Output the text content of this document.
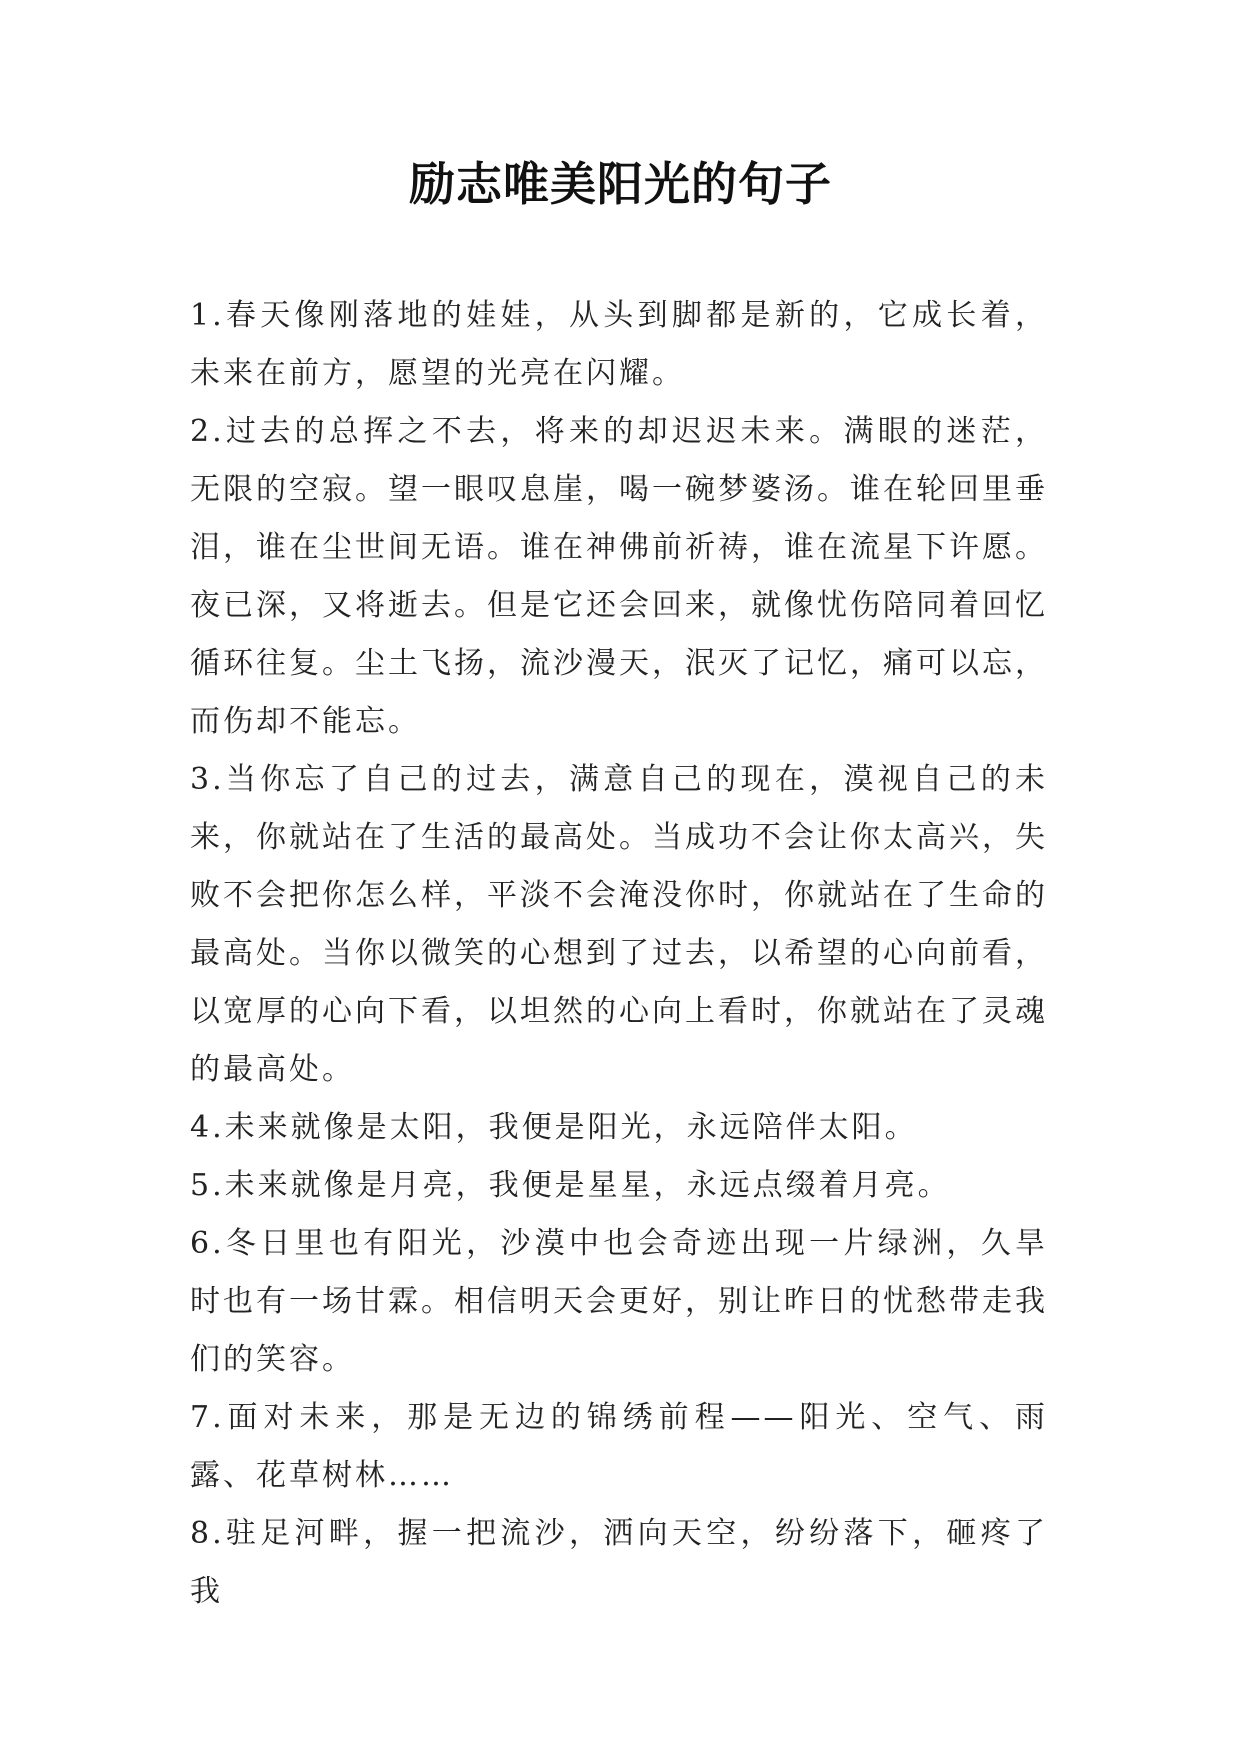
励志唯美阳光的句子

1.春天像刚落地的娃娃，从头到脚都是新的，它成长着，未来在前方，愿望的光亮在闪耀。

2.过去的总挥之不去，将来的却迟迟未来。满眼的迷茫，无限的空寂。望一眼叹息崖，喝一碗梦婆汤。谁在轮回里垂泪，谁在尘世间无语。谁在神佛前祈祷，谁在流星下许愿。夜已深，又将逝去。但是它还会回来，就像忧伤陪同着回忆循环往复。尘土飞扬，流沙漫天，泯灭了记忆，痛可以忘，而伤却不能忘。

3.当你忘了自己的过去，满意自己的现在，漠视自己的未来，你就站在了生活的最高处。当成功不会让你太高兴，失败不会把你怎么样，平淡不会淹没你时，你就站在了生命的最高处。当你以微笑的心想到了过去，以希望的心向前看，以宽厚的心向下看，以坦然的心向上看时，你就站在了灵魂的最高处。

4.未来就像是太阳，我便是阳光，永远陪伴太阳。

5.未来就像是月亮，我便是星星，永远点缀着月亮。

6.冬日里也有阳光，沙漠中也会奇迹出现一片绿洲，久旱时也有一场甘霖。相信明天会更好，别让昨日的忧愁带走我们的笑容。

7.面对未来，那是无边的锦绣前程——阳光、空气、雨露、花草树林……

8.驻足河畔，握一把流沙，洒向天空，纷纷落下，砸疼了我
